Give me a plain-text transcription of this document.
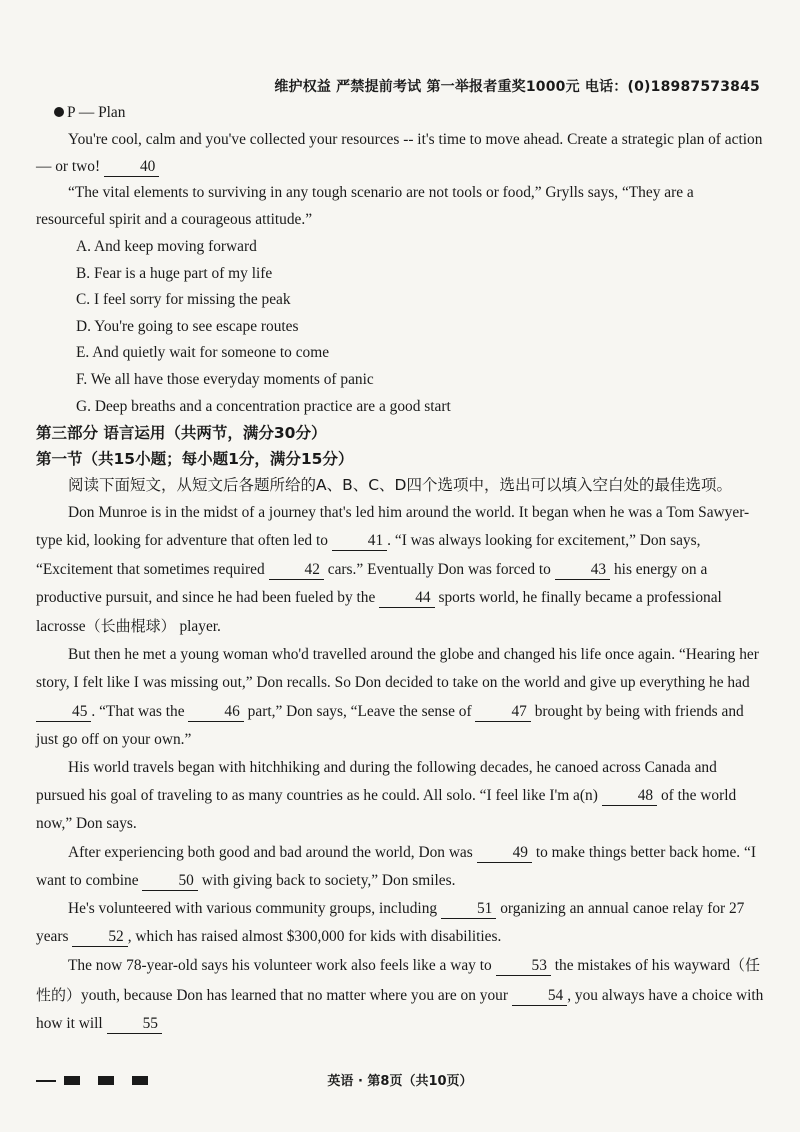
维护权益 严禁提前考试 第一举报者重奖1000元 电话：(0)18987573845

P — Plan

You're cool, calm and you've collected your resources -- it's time to move ahead. Create a strategic plan of action — or two!	40

“The vital elements to surviving in any tough scenario are not tools or food,” Grylls says, “They are a resourceful spirit and a courageous attitude.”

A. And keep moving forward

B. Fear is a huge part of my life

C. I feel sorry for missing the peak

D. You're going to see escape routes

E. And quietly wait for someone to come

F. We all have those everyday moments of panic

G. Deep breaths and a concentration practice are a good start

第三部分 语言运用（共两节，满分30分）

第一节（共15小题；每小题1分，满分15分）

阅读下面短文，从短文后各题所给的A、B、C、D四个选项中，选出可以填入空白处的最佳选项。

Don Munroe is in the midst of a journey that's led him around the world. It began when he was a Tom Sawyer-type kid, looking for adventure that often led to	41 . “I was always looking for excitement,” Don says, “Excitement that sometimes required	42 cars.” Eventually Don was forced to	43 his energy on a productive pursuit, and since he had been fueled by the	44 sports world, he finally became a professional lacrosse（长曲棍球） player.

But then he met a young woman who'd travelled around the globe and changed his life once again. “Hearing her story, I felt like I was missing out,” Don recalls. So Don decided to take on the world and give up everything he had 45 . “That was the	46 part,” Don says, “Leave the sense of	47 brought by being with friends and just go off on your own.”

His world travels began with hitchhiking and during the following decades, he canoed across Canada and pursued his goal of traveling to as many countries as he could. All solo. “I feel like I'm a(n)	48 of the world now,” Don says.

After experiencing both good and bad around the world, Don was	49 to make things better back home. “I want to combine	50 with giving back to society,” Don smiles.

He's volunteered with various community groups, including	51 organizing an annual canoe relay for 27 years	52 , which has raised almost $300,000 for kids with disabilities.

The now 78-year-old says his volunteer work also feels like a way to	53 the mistakes of his wayward（任性的）youth, because Don has learned that no matter where you are on your	54 , you always have a choice with how it will	55

英语 · 第8页（共10页）
